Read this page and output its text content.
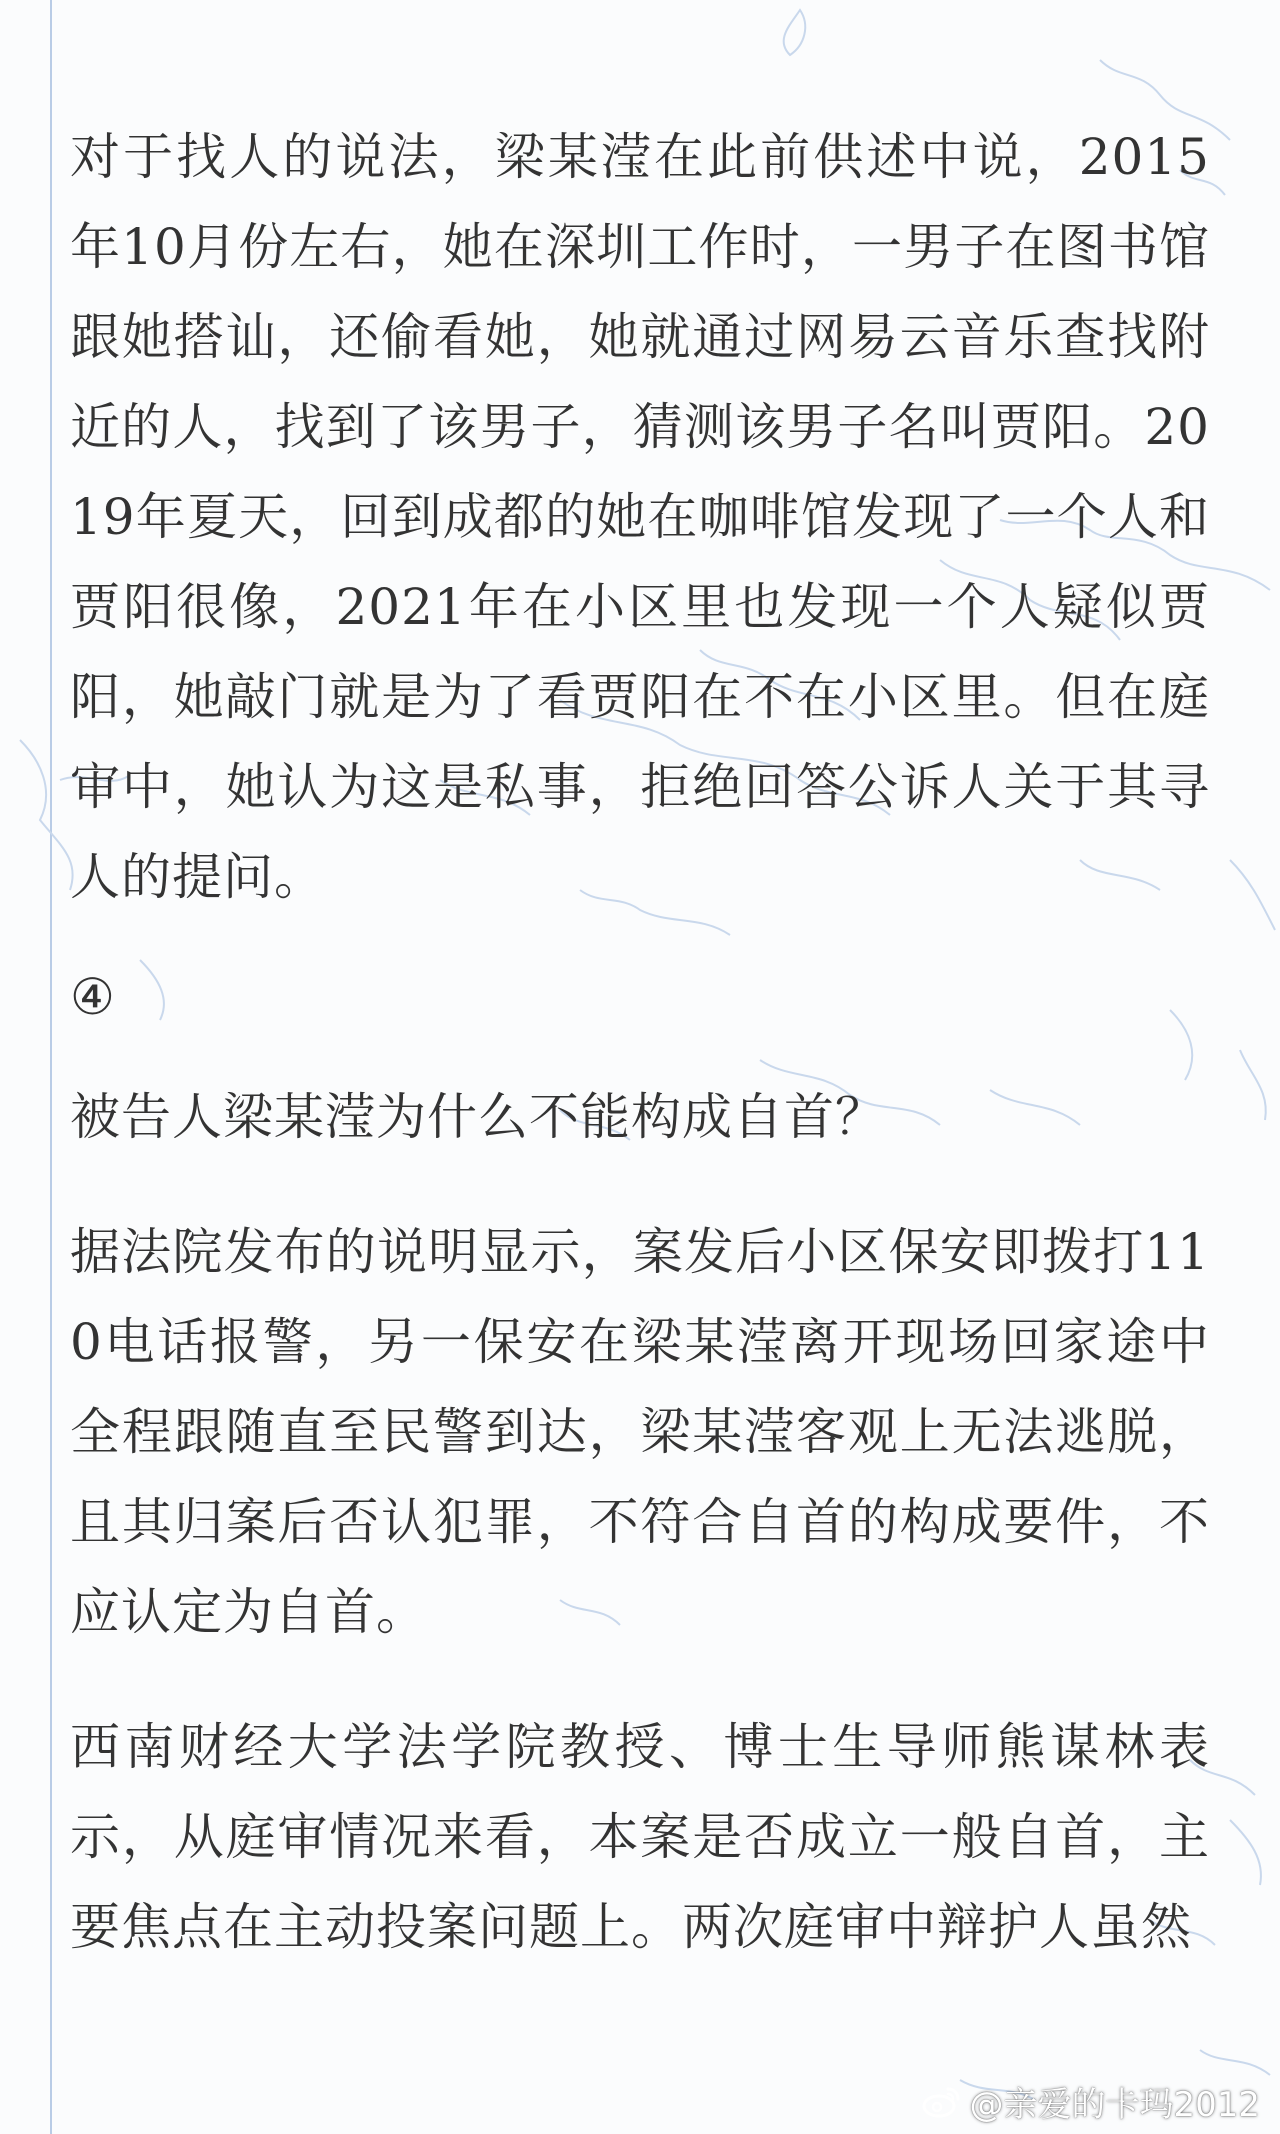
对于找人的说法，梁某滢在此前供述中说，2015年10月份左右，她在深圳工作时，一男子在图书馆跟她搭讪，还偷看她，她就通过网易云音乐查找附近的人，找到了该男子，猜测该男子名叫贾阳。2019年夏天，回到成都的她在咖啡馆发现了一个人和贾阳很像，2021年在小区里也发现一个人疑似贾阳，她敲门就是为了看贾阳在不在小区里。但在庭审中，她认为这是私事，拒绝回答公诉人关于其寻人的提问。

④

被告人梁某滢为什么不能构成自首？

据法院发布的说明显示，案发后小区保安即拨打110电话报警，另一保安在梁某滢离开现场回家途中全程跟随直至民警到达，梁某滢客观上无法逃脱，且其归案后否认犯罪，不符合自首的构成要件，不应认定为自首。

西南财经大学法学院教授、博士生导师熊谋林表示，从庭审情况来看，本案是否成立一般自首，主要焦点在主动投案问题上。两次庭审中辩护人虽然

@亲爱的卡玛2012
